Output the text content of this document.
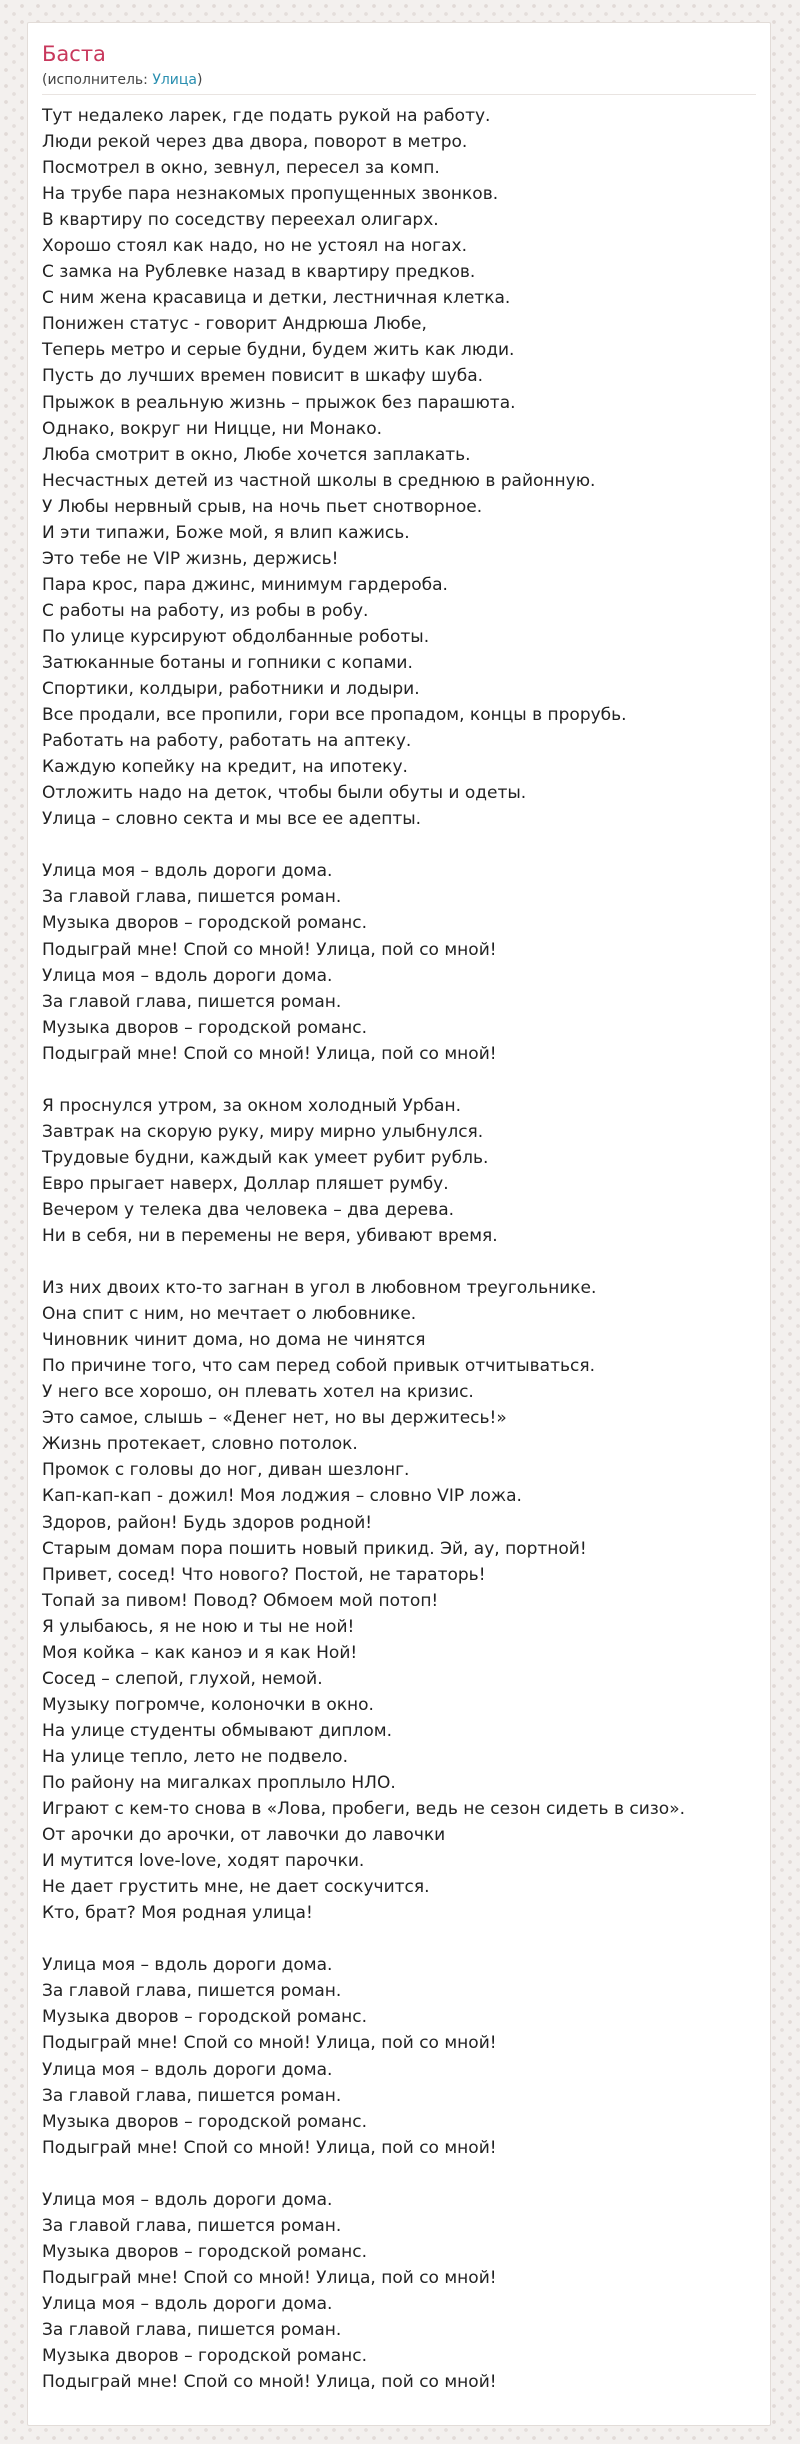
Баста
(исполнитель: Улица)
Тут недалеко ларек, где подать рукой на работу.
Люди рекой через два двора, поворот в метро.
Посмотрел в окно, зевнул, пересел за комп.
На трубе пара незнакомых пропущенных звонков.
В квартиру по соседству переехал олигарх.
Хорошо стоял как надо, но не устоял на ногах.
С замка на Рублевке назад в квартиру предков.
С ним жена красавица и детки, лестничная клетка.
Понижен статус - говорит Андрюша Любе,
Теперь метро и серые будни, будем жить как люди.
Пусть до лучших времен повисит в шкафу шуба.
Прыжок в реальную жизнь – прыжок без парашюта.
Однако, вокруг ни Ницце, ни Монако.
Люба смотрит в окно, Любе хочется заплакать.
Несчастных детей из частной школы в среднюю в районную.
У Любы нервный срыв, на ночь пьет снотворное.
И эти типажи, Боже мой, я влип кажись.
Это тебе не VIP жизнь, держись!
Пара крос, пара джинс, минимум гардероба.
С работы на работу, из робы в робу.
По улице курсируют обдолбанные роботы.
Затюканные ботаны и гопники с копами.
Спортики, колдыри, работники и лодыри.
Все продали, все пропили, гори все пропадом, концы в прорубь.
Работать на работу, работать на аптеку.
Каждую копейку на кредит, на ипотеку.
Отложить надо на деток, чтобы были обуты и одеты.
Улица – словно секта и мы все ее адепты.
Улица моя – вдоль дороги дома.
За главой глава, пишется роман.
Музыка дворов – городской романс.
Подыграй мне! Спой со мной! Улица, пой со мной!
Улица моя – вдоль дороги дома.
За главой глава, пишется роман.
Музыка дворов – городской романс.
Подыграй мне! Спой со мной! Улица, пой со мной!
Я проснулся утром, за окном холодный Урбан.
Завтрак на скорую руку, миру мирно улыбнулся.
Трудовые будни, каждый как умеет рубит рубль.
Евро прыгает наверх, Доллар пляшет румбу.
Вечером у телека два человека – два дерева.
Ни в себя, ни в перемены не веря, убивают время.
Из них двоих кто-то загнан в угол в любовном треугольнике.
Она спит с ним, но мечтает о любовнике.
Чиновник чинит дома, но дома не чинятся
По причине того, что сам перед собой привык отчитываться.
У него все хорошо, он плевать хотел на кризис.
Это самое, слышь – «Денег нет, но вы держитесь!»
Жизнь протекает, словно потолок.
Промок с головы до ног, диван шезлонг.
Кап-кап-кап - дожил! Моя лоджия – словно VIP ложа.
Здоров, район! Будь здоров родной!
Старым домам пора пошить новый прикид. Эй, ау, портной!
Привет, сосед! Что нового? Постой, не тараторь!
Топай за пивом! Повод? Обмоем мой потоп!
Я улыбаюсь, я не ною и ты не ной!
Моя койка – как каноэ и я как Ной!
Сосед – слепой, глухой, немой.
Музыку погромче, колоночки в окно.
На улице студенты обмывают диплом.
На улице тепло, лето не подвело.
По району на мигалках проплыло НЛО.
Играют с кем-то снова в «Лова, пробеги, ведь не сезон сидеть в сизо».
От арочки до арочки, от лавочки до лавочки
И мутится love-love, ходят парочки.
Не дает грустить мне, не дает соскучится.
Кто, брат? Моя родная улица!
Улица моя – вдоль дороги дома.
За главой глава, пишется роман.
Музыка дворов – городской романс.
Подыграй мне! Спой со мной! Улица, пой со мной!
Улица моя – вдоль дороги дома.
За главой глава, пишется роман.
Музыка дворов – городской романс.
Подыграй мне! Спой со мной! Улица, пой со мной!
Улица моя – вдоль дороги дома.
За главой глава, пишется роман.
Музыка дворов – городской романс.
Подыграй мне! Спой со мной! Улица, пой со мной!
Улица моя – вдоль дороги дома.
За главой глава, пишется роман.
Музыка дворов – городской романс.
Подыграй мне! Спой со мной! Улица, пой со мной!
